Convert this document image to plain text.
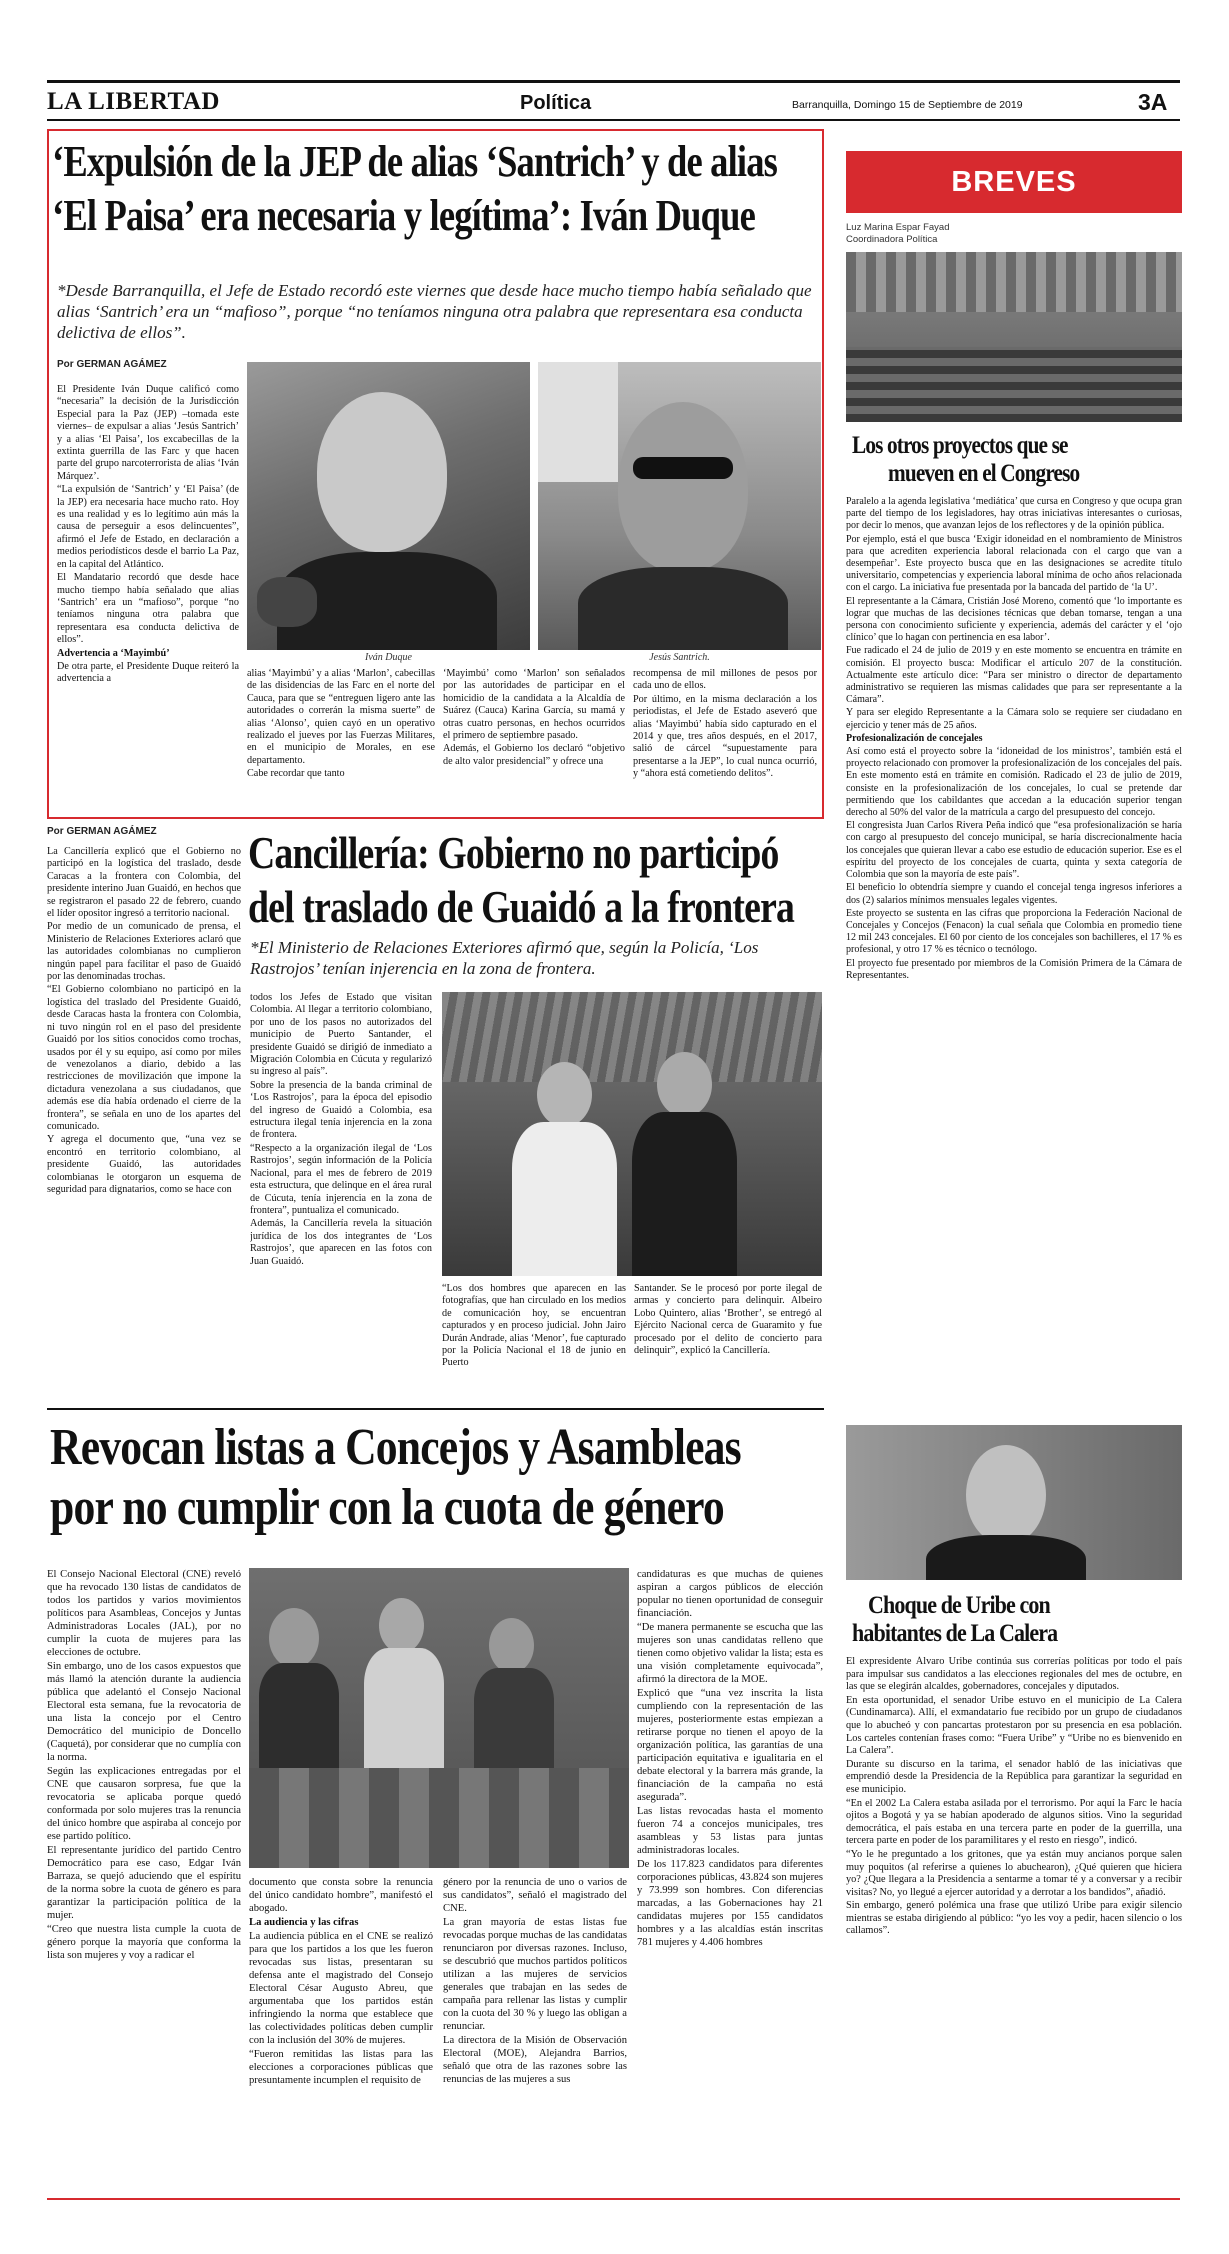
LA LIBERTAD	Política	Barranquilla, Domingo 15 de Septiembre de 2019	3A
‘Expulsión de la JEP de alias ‘Santrich’ y de alias
‘El Paisa’ era necesaria y legítima’: Iván Duque
*Desde Barranquilla, el Jefe de Estado recordó este viernes que desde hace mucho tiempo había señalado que alias ‘Santrich’ era un “mafioso”, porque “no teníamos ninguna otra palabra que representara esa conducta delictiva de ellos”.
Por GERMAN AGÁMEZ

El Presidente Iván Duque calificó como “necesaria” la decisión de la Jurisdicción Especial para la Paz (JEP) –tomada este viernes– de expulsar a alias ‘Jesús Santrich’ y a alias ‘El Paisa’, los excabecillas de la extinta guerrilla de las Farc y que hacen parte del grupo narcoterrorista de alias ‘Iván Márquez’.

“La expulsión de ‘Santrich’ y ‘El Paisa’ (de la JEP) era necesaria hace mucho rato. Hoy es una realidad y es lo legítimo aún más la causa de perseguir a esos delincuentes”, afirmó el Jefe de Estado, en declaración a medios periodísticos desde el barrio La Paz, en la capital del Atlántico.

El Mandatario recordó que desde hace mucho tiempo había señalado que alias ‘Santrich’ era un “mafioso”, porque “no teníamos ninguna otra palabra que representara esa conducta delictiva de ellos”.

Advertencia a ‘Mayimbú’

De otra parte, el Presidente Duque reiteró la advertencia a

Iván Duque	Jesús Santrich.

alias ‘Mayimbú’ y a alias ‘Marlon’, cabecillas de las disidencias de las Farc en el norte del Cauca, para que se “entreguen ligero ante las autoridades o correrán la misma suerte” de alias ‘Alonso’, quien cayó en un operativo realizado el jueves por las Fuerzas Militares, en el municipio de Morales, en ese departamento.

Cabe recordar que tanto

‘Mayimbú’ como ‘Marlon’ son señalados por las autoridades de participar en el homicidio de la candidata a la Alcaldía de Suárez (Cauca) Karina García, su mamá y otras cuatro personas, en hechos ocurridos el primero de septiembre pasado.

Además, el Gobierno los declaró “objetivo de alto valor presidencial” y ofrece una

recompensa de mil millones de pesos por cada uno de ellos.

Por último, en la misma declaración a los periodistas, el Jefe de Estado aseveró que alias ‘Mayimbú’ había sido capturado en el 2014 y que, tres años después, en el 2017, salió de cárcel “supuestamente para presentarse a la JEP”, lo cual nunca ocurrió, y “ahora está cometiendo delitos”.

Por GERMAN AGÁMEZ

La Cancillería explicó que el Gobierno no participó en la logística del traslado, desde Caracas a la frontera con Colombia, del presidente interino Juan Guaidó, en hechos que se registraron el pasado 22 de febrero, cuando el líder opositor ingresó a territorio nacional.

Por medio de un comunicado de prensa, el Ministerio de Relaciones Exteriores aclaró que las autoridades colombianas no cumplieron ningún papel para facilitar el paso de Guaidó por las denominadas trochas.

“El Gobierno colombiano no participó en la logística del traslado del Presidente Guaidó, desde Caracas hasta la frontera con Colombia, ni tuvo ningún rol en el paso del presidente Guaidó por los sitios conocidos como trochas, usados por él y su equipo, así como por miles de venezolanos a diario, debido a las restricciones de movilización que impone la dictadura venezolana a sus ciudadanos, que además ese día había ordenado el cierre de la frontera”, se señala en uno de los apartes del comunicado.

Y agrega el documento que, “una vez se encontró en territorio colombiano, al presidente Guaidó, las autoridades colombianas le otorgaron un esquema de seguridad para dignatarios, como se hace con

Cancillería: Gobierno no participó
del traslado de Guaidó a la frontera
*El Ministerio de Relaciones Exteriores afirmó que, según la Policía, ‘Los Rastrojos’ tenían injerencia en la zona de frontera.

todos los Jefes de Estado que visitan Colombia. Al llegar a territorio colombiano, por uno de los pasos no autorizados del municipio de Puerto Santander, el presidente Guaidó se dirigió de inmediato a Migración Colombia en Cúcuta y regularizó su ingreso al país”.

Sobre la presencia de la banda criminal de ‘Los Rastrojos’, para la época del episodio del ingreso de Guaidó a Colombia, esa estructura ilegal tenía injerencia en la zona de frontera.

“Respecto a la organización ilegal de ‘Los Rastrojos’, según información de la Policía Nacional, para el mes de febrero de 2019 esta estructura, que delinque en el área rural de Cúcuta, tenía injerencia en la zona de frontera”, puntualiza el comunicado.

Además, la Cancillería revela la situación jurídica de los dos integrantes de ‘Los Rastrojos’, que aparecen en las fotos con Juan Guaidó.

“Los dos hombres que aparecen en las fotografías, que han circulado en los medios de comunicación hoy, se encuentran capturados y en proceso judicial. John Jairo Durán Andrade, alias ‘Menor’, fue capturado por la Policía Nacional el 18 de junio en Puerto

Santander. Se le procesó por porte ilegal de armas y concierto para delinquir. Albeiro Lobo Quintero, alias ‘Brother’, se entregó al Ejército Nacional cerca de Guaramito y fue procesado por el delito de concierto para delinquir”, explicó la Cancillería.

Revocan listas a Concejos y Asambleas
por no cumplir con la cuota de género

El Consejo Nacional Electoral (CNE) reveló que ha revocado 130 listas de candidatos de todos los partidos y varios movimientos políticos para Asambleas, Concejos y Juntas Administradoras Locales (JAL), por no cumplir la cuota de mujeres para las elecciones de octubre.

Sin embargo, uno de los casos expuestos que más llamó la atención durante la audiencia pública que adelantó el Consejo Nacional Electoral esta semana, fue la revocatoria de una lista la concejo por el Centro Democrático del municipio de Doncello (Caquetá), por considerar que no cumplía con la norma.

Según las explicaciones entregadas por el CNE que causaron sorpresa, fue que la revocatoria se aplicaba porque quedó conformada por solo mujeres tras la renuncia del único hombre que aspiraba al concejo por ese partido político.

El representante jurídico del partido Centro Democrático para ese caso, Edgar Iván Barraza, se quejó aduciendo que el espíritu de la norma sobre la cuota de género es para garantizar la participación política de la mujer.

“Creo que nuestra lista cumple la cuota de género porque la mayoría que conforma la lista son mujeres y voy a radicar el

documento que consta sobre la renuncia del único candidato hombre”, manifestó el abogado.

La audiencia y las cifras

La audiencia pública en el CNE se realizó para que los partidos a los que les fueron revocadas sus listas, presentaran su defensa ante el magistrado del Consejo Electoral César Augusto Abreu, que argumentaba que los partidos están infringiendo la norma que establece que las colectividades políticas deben cumplir con la inclusión del 30% de mujeres.

“Fueron remitidas las listas para las elecciones a corporaciones públicas que presuntamente incumplen el requisito de

género por la renuncia de uno o varios de sus candidatos”, señaló el magistrado del CNE.

La gran mayoría de estas listas fue revocadas porque muchas de las candidatas renunciaron por diversas razones. Incluso, se descubrió que muchos partidos políticos utilizan a las mujeres de servicios generales que trabajan en las sedes de campaña para rellenar las listas y cumplir con la cuota del 30 % y luego las obligan a renunciar.

La directora de la Misión de Observación Electoral (MOE), Alejandra Barrios, señaló que otra de las razones sobre las renuncias de las mujeres a sus

candidaturas es que muchas de quienes aspiran a cargos públicos de elección popular no tienen oportunidad de conseguir financiación.

“De manera permanente se escucha que las mujeres son unas candidatas relleno que tienen como objetivo validar la lista; esta es una visión completamente equivocada”, afirmó la directora de la MOE.

Explicó que “una vez inscrita la lista cumpliendo con la representación de las mujeres, posteriormente estas empiezan a retirarse porque no tienen el apoyo de la organización política, las garantías de una participación equitativa e igualitaria en el debate electoral y la barrera más grande, la financiación de la campaña no está asegurada”.

Las listas revocadas hasta el momento fueron 74 a concejos municipales, tres asambleas y 53 listas para juntas administradoras locales.

De los 117.823 candidatos para diferentes corporaciones públicas, 43.824 son mujeres y 73.999 son hombres. Con diferencias marcadas, a las Gobernaciones hay 21 candidatas mujeres por 155 candidatos hombres y a las alcaldías están inscritas 781 mujeres y 4.406 hombres

BREVES
Luz Marina Espar Fayad
Coordinadora Política
Los otros proyectos que se
mueven en el Congreso

Paralelo a la agenda legislativa ‘mediática’ que cursa en Congreso y que ocupa gran parte del tiempo de los legisladores, hay otras iniciativas interesantes o curiosas, por decir lo menos, que avanzan lejos de los reflectores y de la opinión pública.

Por ejemplo, está el que busca ‘Exigir idoneidad en el nombramiento de Ministros para que acrediten experiencia laboral relacionada con el cargo que van a desempeñar’. Este proyecto busca que en las designaciones se acredite título universitario, competencias y experiencia laboral mínima de ocho años relacionada con el cargo. La iniciativa fue presentada por la bancada del partido de ‘la U’.

El representante a la Cámara, Cristián José Moreno, comentó que ‘lo importante es lograr que muchas de las decisiones técnicas que deban tomarse, tengan a una persona con conocimiento suficiente y experiencia, además del carácter y el ‘ojo clínico’ que lo hagan con pertinencia en esa labor’.

Fue radicado el 24 de julio de 2019 y en este momento se encuentra en trámite en comisión. El proyecto busca: Modificar el artículo 207 de la constitución. Actualmente este artículo dice: “Para ser ministro o director de departamento administrativo se requieren las mismas calidades que para ser representante a la Cámara”.

Y para ser elegido Representante a la Cámara solo se requiere ser ciudadano en ejercicio y tener más de 25 años.

Profesionalización de concejales

Así como está el proyecto sobre la ‘idoneidad de los ministros’, también está el proyecto relacionado con promover la profesionalización de los concejales del país. En este momento está en trámite en comisión. Radicado el 23 de julio de 2019, consiste en la profesionalización de los concejales, lo cual se pretende dar permitiendo que los cabildantes que accedan a la educación superior tengan derecho al 50% del valor de la matrícula a cargo del presupuesto del concejo.

El congresista Juan Carlos Rivera Peña indicó que “esa profesionalización se haría con cargo al presupuesto del concejo municipal, se haría discrecionalmente hacia los concejales que quieran llevar a cabo ese estudio de educación superior. Ese es el espíritu del proyecto de los concejales de cuarta, quinta y sexta categoría de Colombia que son la mayoría de este país”.

El beneficio lo obtendría siempre y cuando el concejal tenga ingresos inferiores a dos (2) salarios mínimos mensuales legales vigentes.

Este proyecto se sustenta en las cifras que proporciona la Federación Nacional de Concejales y Concejos (Fenacon) la cual señala que Colombia en promedio tiene 12 mil 243 concejales. El 60 por ciento de los concejales son bachilleres, el 17 % es profesional, y otro 17 % es técnico o tecnólogo.

El proyecto fue presentado por miembros de la Comisión Primera de la Cámara de Representantes.

Choque de Uribe con
habitantes de La Calera

El expresidente Álvaro Uribe continúa sus correrías políticas por todo el país para impulsar sus candidatos a las elecciones regionales del mes de octubre, en las que se elegirán alcaldes, gobernadores, concejales y diputados.

En esta oportunidad, el senador Uribe estuvo en el municipio de La Calera (Cundinamarca). Allí, el exmandatario fue recibido por un grupo de ciudadanos que lo abucheó y con pancartas protestaron por su presencia en esa población. Los carteles contenían frases como: “Fuera Uribe” y “Uribe no es bienvenido en La Calera”.

Durante su discurso en la tarima, el senador habló de las iniciativas que emprendió desde la Presidencia de la República para garantizar la seguridad en ese municipio.

“En el 2002 La Calera estaba asilada por el terrorismo. Por aquí la Farc le hacía ojitos a Bogotá y ya se habían apoderado de algunos sitios. Vino la seguridad democrática, el país estaba en una tercera parte en poder de la guerrilla, una tercera parte en poder de los paramilitares y el resto en riesgo”, indicó.

“Yo le he preguntado a los gritones, que ya están muy ancianos porque salen muy poquitos (al referirse a quienes lo abuchearon), ¿Qué quieren que hiciera yo? ¿Que llegara a la Presidencia a sentarme a tomar té y a conversar y a recibir visitas? No, yo llegué a ejercer autoridad y a derrotar a los bandidos”, añadió.

Sin embargo, generó polémica una frase que utilizó Uribe para exigir silencio mientras se estaba dirigiendo al público: “yo les voy a pedir, hacen silencio o los callamos”.
